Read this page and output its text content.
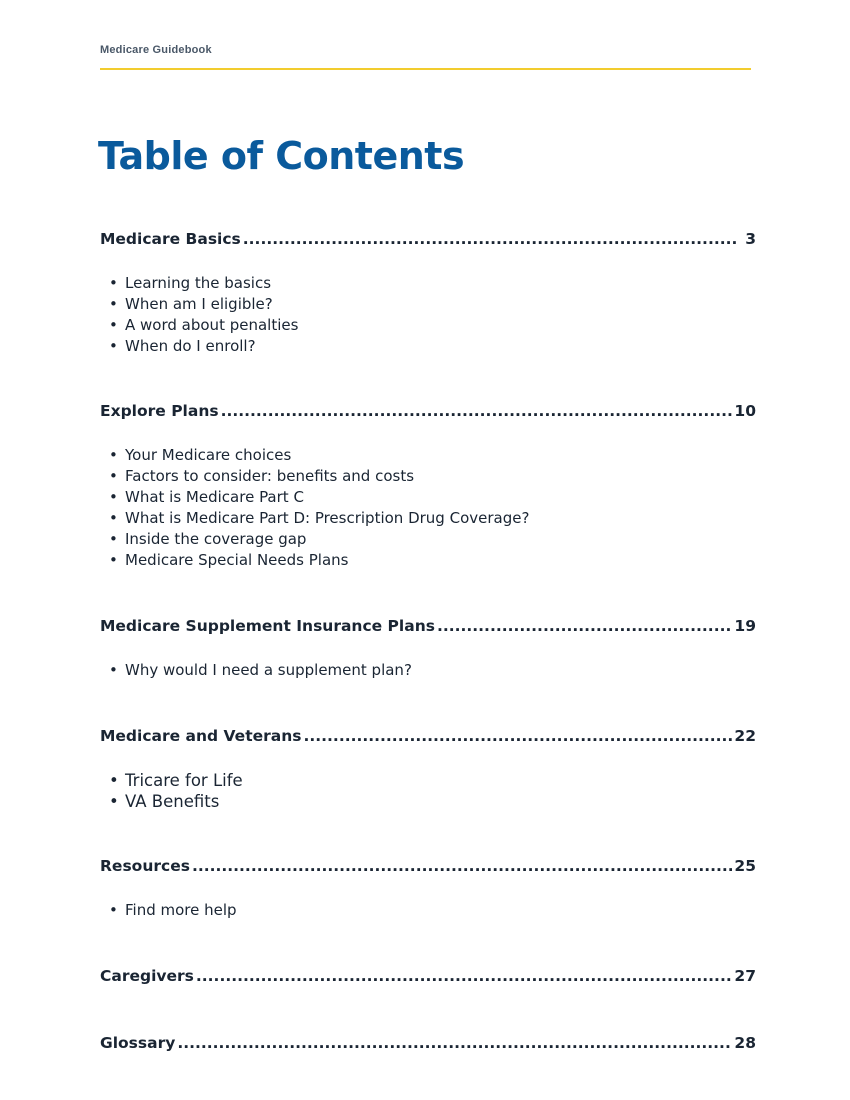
Medicare Guidebook
Table of Contents
Medicare Basics .....	3
• Learning the basics
• When am I eligible?
• A word about penalties
• When do I enroll?
Explore Plans .....	10
• Your Medicare choices
• Factors to consider: benefits and costs
• What is Medicare Part C
• What is Medicare Part D: Prescription Drug Coverage?
• Inside the coverage gap
• Medicare Special Needs Plans
Medicare Supplement Insurance Plans .....	19
• Why would I need a supplement plan?
Medicare and Veterans .....	22
• Tricare for Life
• VA Benefits
Resources .....	25
• Find more help
Caregivers .....	27
Glossary .....	28
